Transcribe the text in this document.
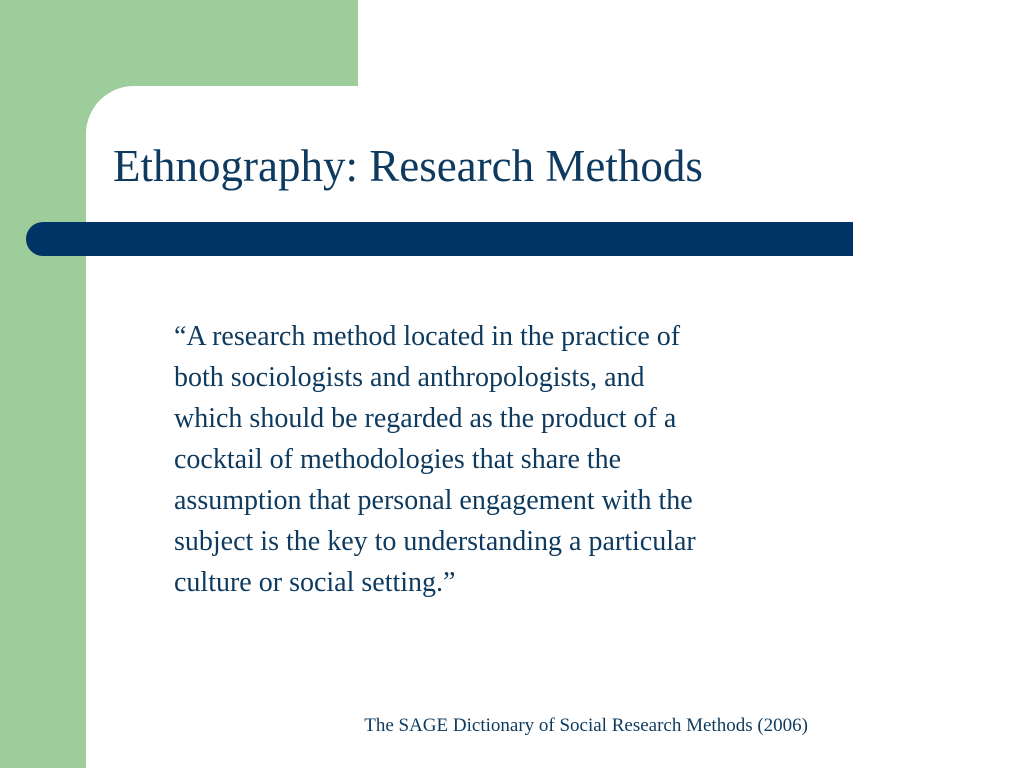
Ethnography: Research Methods

“A research method located in the practice of
both sociologists and anthropologists, and
which should be regarded as the product of a
cocktail of methodologies that share the
assumption that personal engagement with the
subject is the key to understanding a particular
culture or social setting.”

The SAGE Dictionary of Social Research Methods (2006)
